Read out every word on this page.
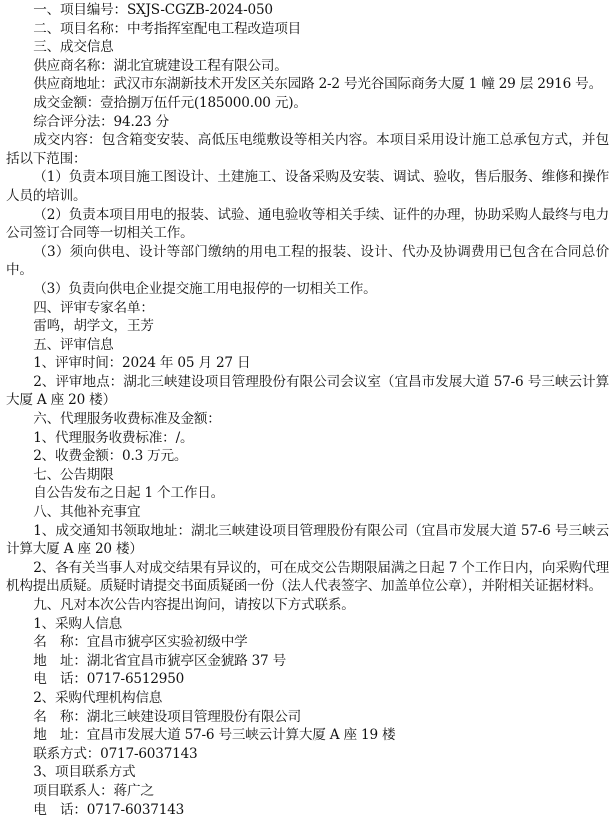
一、项目编号：SXJS-CGZB-2024-050

二、项目名称：中考指挥室配电工程改造项目

三、成交信息

供应商名称：湖北宜琥建设工程有限公司。

供应商地址：武汉市东湖新技术开发区关东园路 2-2 号光谷国际商务大厦 1 幢 29 层 2916 号。

成交金额：壹拾捌万伍仟元(185000.00 元)。

综合评分法：94.23 分

成交内容：包含箱变安装、高低压电缆敷设等相关内容。本项目采用设计施工总承包方式，并包括以下范围：

（1）负责本项目施工图设计、土建施工、设备采购及安装、调试、验收，售后服务、维修和操作人员的培训。

（2）负责本项目用电的报装、试验、通电验收等相关手续、证件的办理，协助采购人最终与电力公司签订合同等一切相关工作。

（3）须向供电、设计等部门缴纳的用电工程的报装、设计、代办及协调费用已包含在合同总价中。

（3）负责向供电企业提交施工用电报停的一切相关工作。

四、评审专家名单：

雷鸣，胡学文，王芳

五、评审信息

1、评审时间：2024 年 05 月 27 日

2、评审地点：湖北三峡建设项目管理股份有限公司会议室（宜昌市发展大道 57-6 号三峡云计算大厦 A 座 20 楼）

六、代理服务收费标准及金额：

1、代理服务收费标准：/。

2、收费金额：0.3 万元。

七、公告期限

自公告发布之日起 1 个工作日。

八、其他补充事宜

1、成交通知书领取地址：湖北三峡建设项目管理股份有限公司（宜昌市发展大道 57-6 号三峡云计算大厦 A 座 20 楼）

2、各有关当事人对成交结果有异议的，可在成交公告期限届满之日起 7 个工作日内，向采购代理机构提出质疑。质疑时请提交书面质疑函一份（法人代表签字、加盖单位公章），并附相关证据材料。

九、凡对本次公告内容提出询问，请按以下方式联系。

1、采购人信息

名　称：宜昌市猇亭区实验初级中学

地　址：湖北省宜昌市猇亭区金猇路 37 号

电　话：0717-6512950

2、采购代理机构信息

名　称：湖北三峡建设项目管理股份有限公司

地　址：宜昌市发展大道 57-6 号三峡云计算大厦 A 座 19 楼

联系方式：0717-6037143

3、项目联系方式

项目联系人：蒋广之

电　话：0717-6037143
